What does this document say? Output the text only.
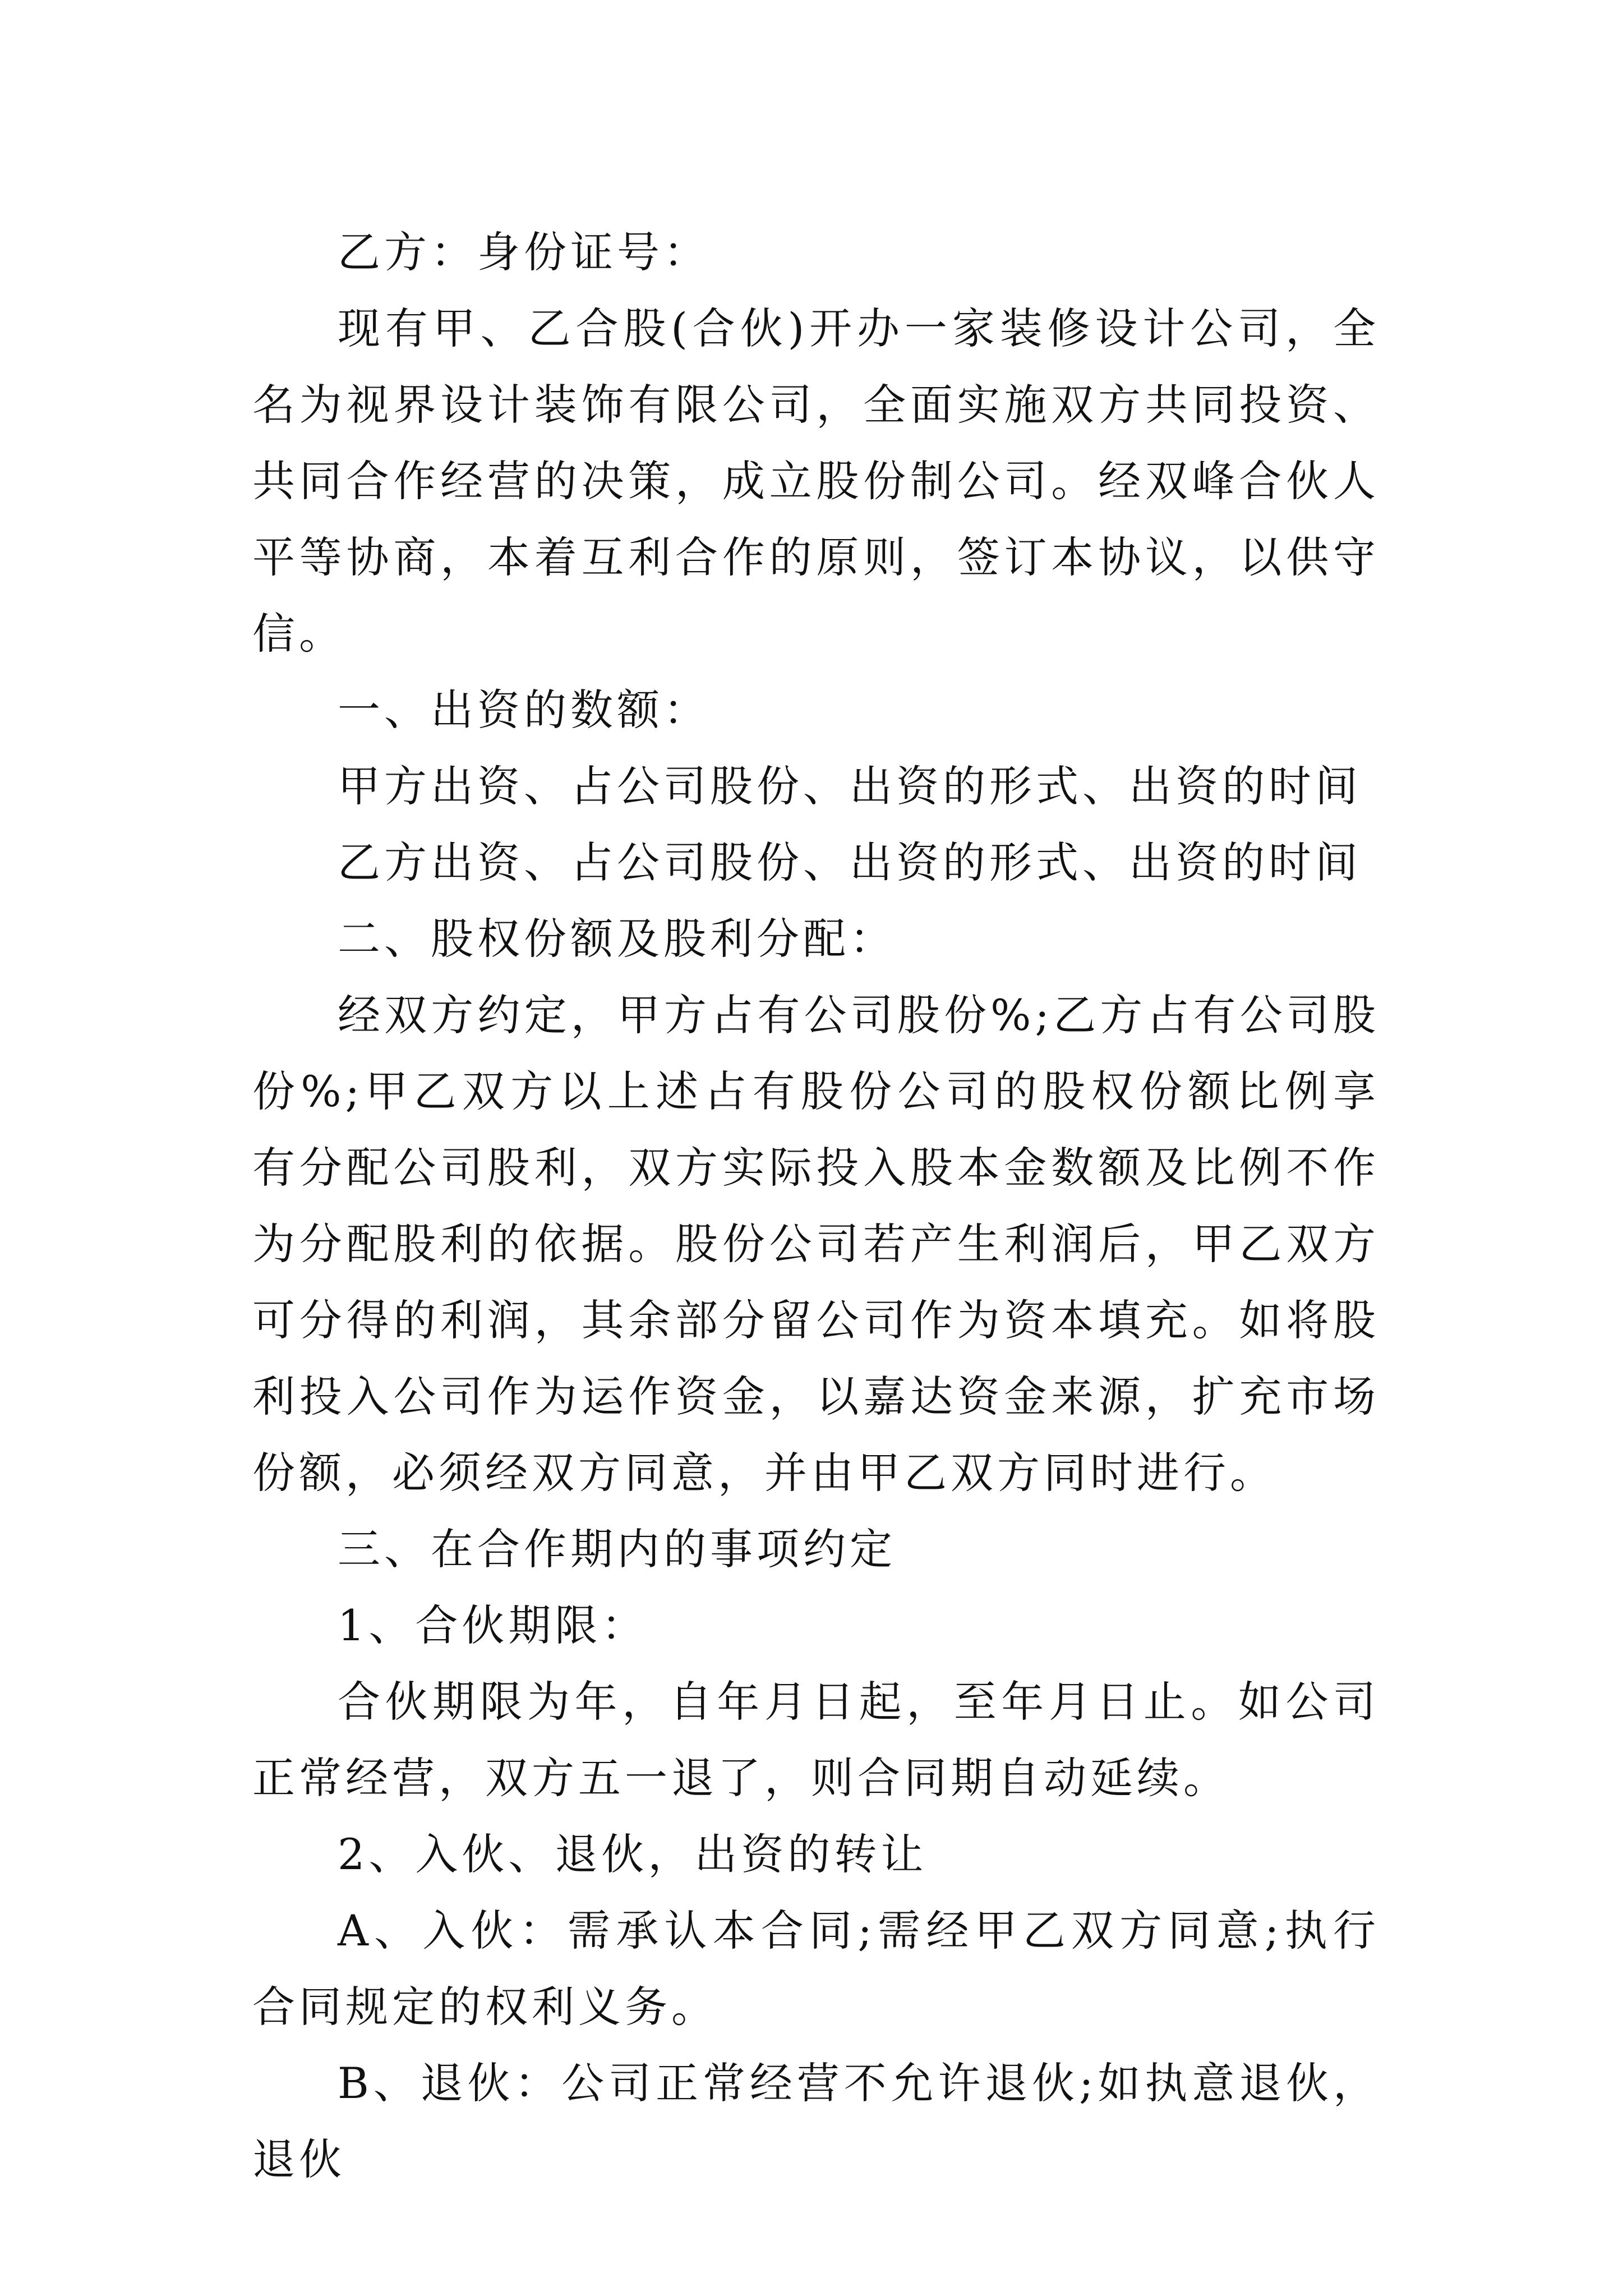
乙方：身份证号：

现有甲、乙合股(合伙)开办一家装修设计公司，全名为视界设计装饰有限公司，全面实施双方共同投资、共同合作经营的决策，成立股份制公司。经双峰合伙人平等协商，本着互利合作的原则，签订本协议，以供守信。

一、出资的数额：

甲方出资、占公司股份、出资的形式、出资的时间

乙方出资、占公司股份、出资的形式、出资的时间

二、股权份额及股利分配：

经双方约定，甲方占有公司股份%;乙方占有公司股份%;甲乙双方以上述占有股份公司的股权份额比例享有分配公司股利，双方实际投入股本金数额及比例不作为分配股利的依据。股份公司若产生利润后，甲乙双方可分得的利润，其余部分留公司作为资本填充。如将股利投入公司作为运作资金，以嘉达资金来源，扩充市场份额，必须经双方同意，并由甲乙双方同时进行。

三、在合作期内的事项约定

1、合伙期限：

合伙期限为年，自年月日起，至年月日止。如公司正常经营，双方五一退了，则合同期自动延续。

2、入伙、退伙，出资的转让

A、入伙：需承认本合同;需经甲乙双方同意;执行合同规定的权利义务。

B、退伙：公司正常经营不允许退伙;如执意退伙，退伙
